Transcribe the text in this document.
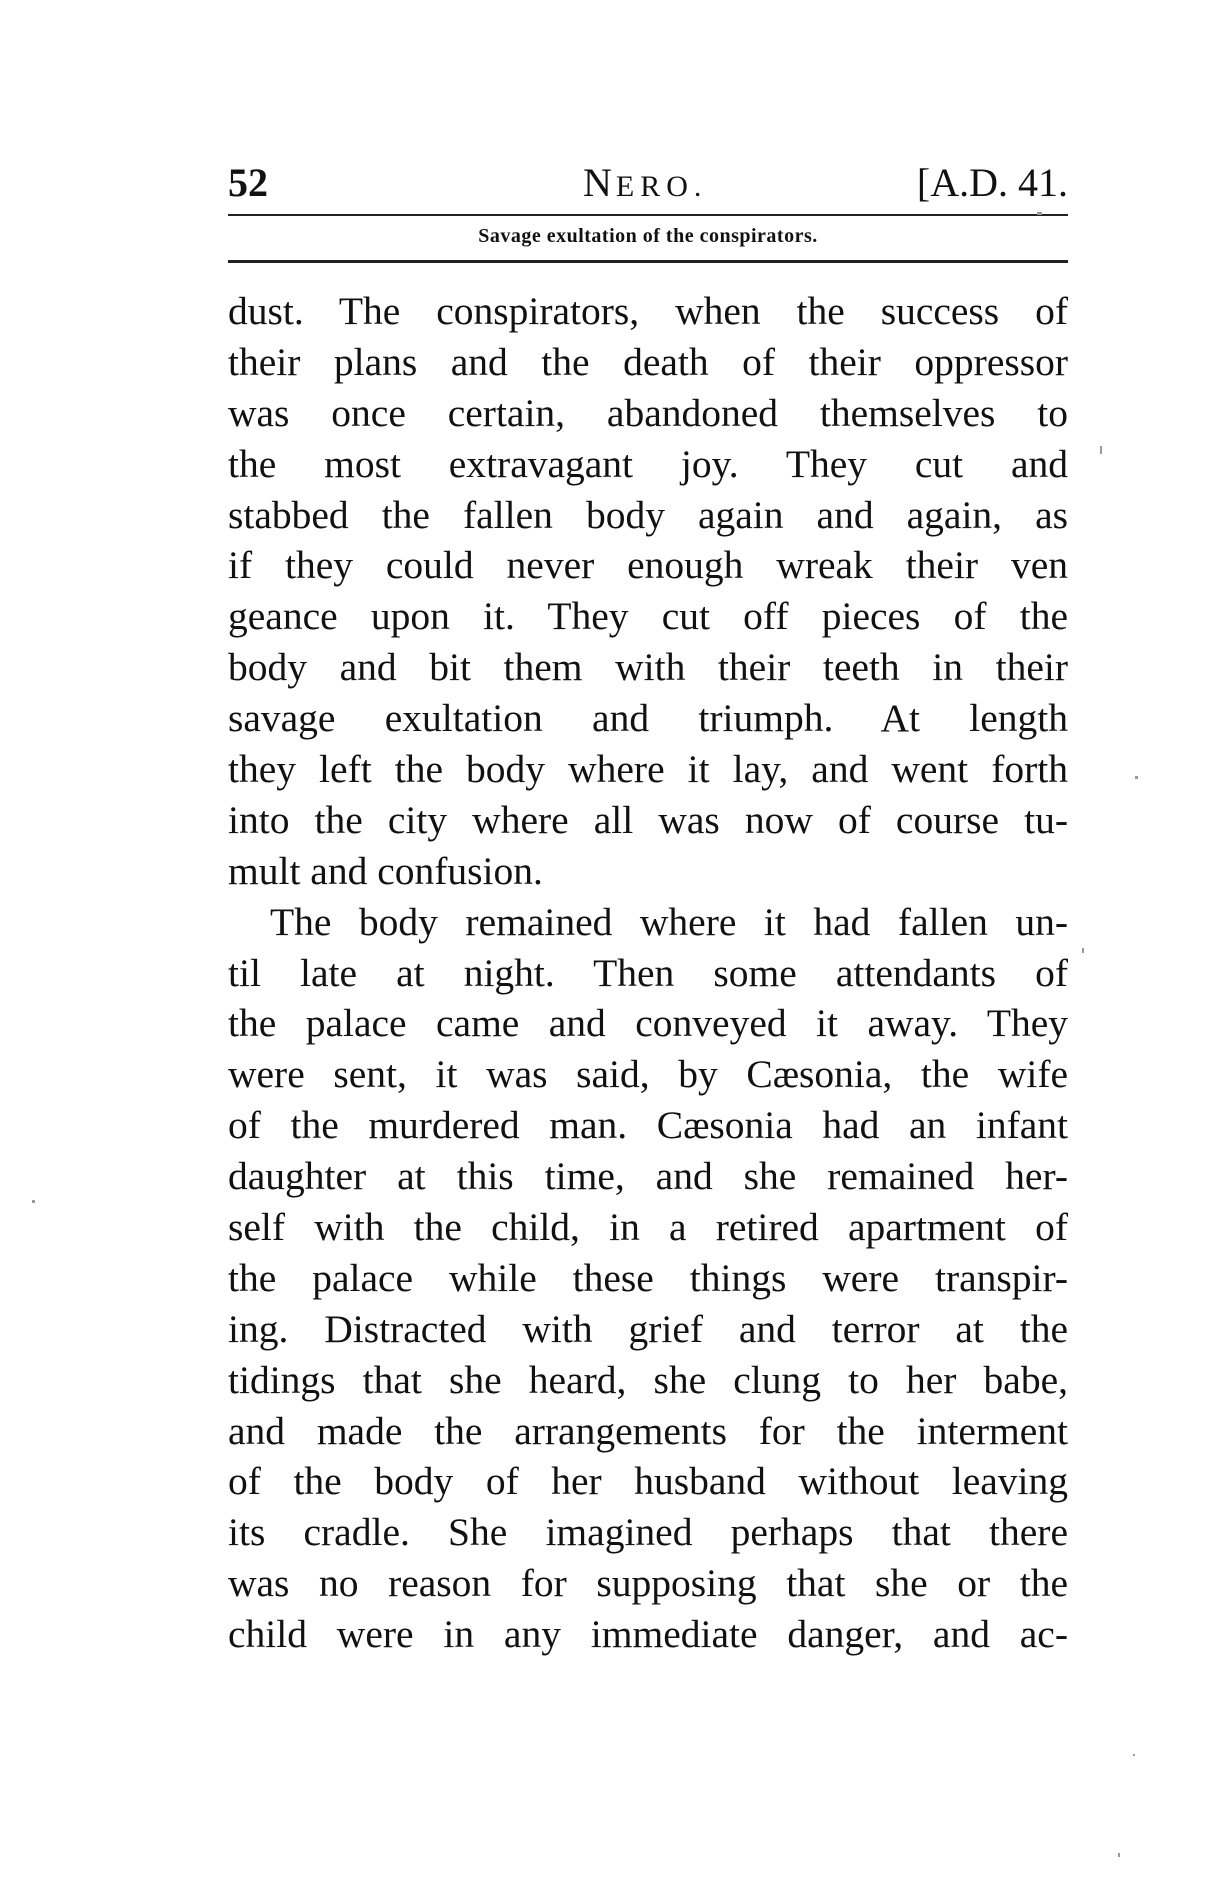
52	NERO.	[A.D. 41.
Savage exultation of the conspirators.
dust. The conspirators, when the success of
their plans and the death of their oppressor
was once certain, abandoned themselves to
the most extravagant joy. They cut and
stabbed the fallen body again and again, as
if they could never enough wreak their ven
geance upon it. They cut off pieces of the
body and bit them with their teeth in their
savage exultation and triumph. At length
they left the body where it lay, and went forth
into the city where all was now of course tu-
mult and confusion.
The body remained where it had fallen un-
til late at night. Then some attendants of
the palace came and conveyed it away. They
were sent, it was said, by Cæsonia, the wife
of the murdered man. Cæsonia had an infant
daughter at this time, and she remained her-
self with the child, in a retired apartment of
the palace while these things were transpir-
ing. Distracted with grief and terror at the
tidings that she heard, she clung to her babe,
and made the arrangements for the interment
of the body of her husband without leaving
its cradle. She imagined perhaps that there
was no reason for supposing that she or the
child were in any immediate danger, and ac-
